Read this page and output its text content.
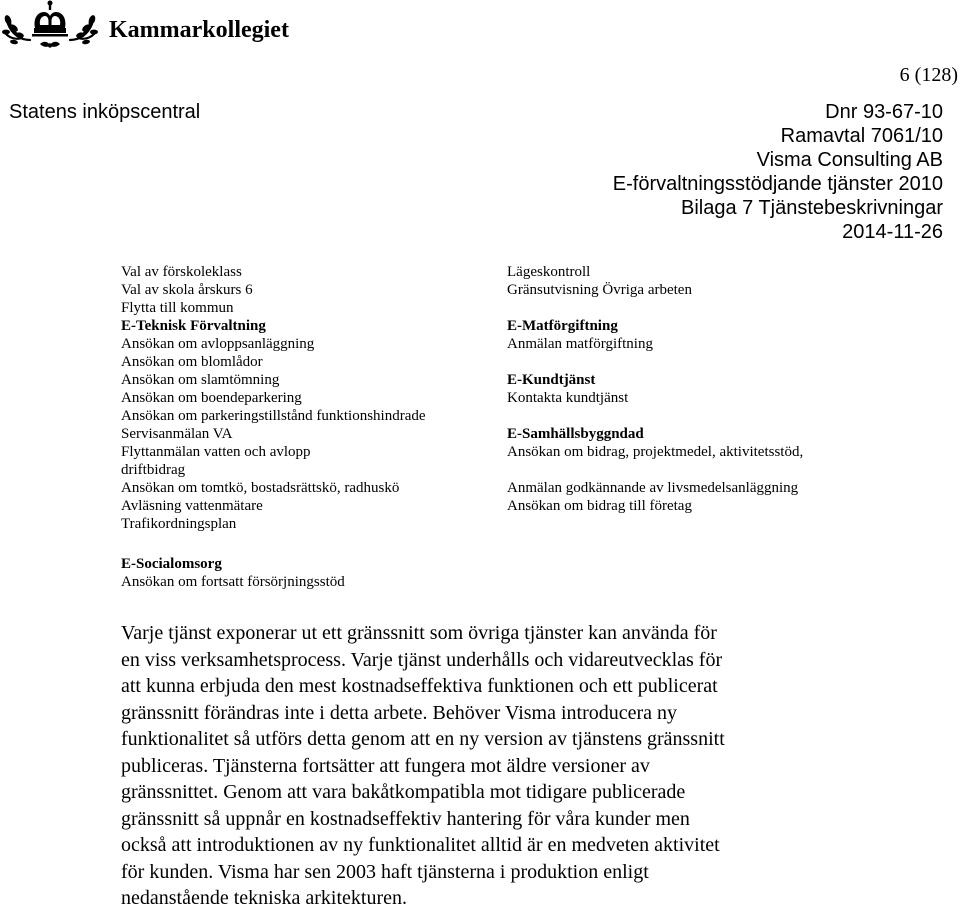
Kammarkollegiet
6 (128)
Statens inköpscentral	Dnr 93-67-10
Ramavtal 7061/10
Visma Consulting AB
E-förvaltningsstödjande tjänster 2010
Bilaga 7 Tjänstebeskrivningar
2014-11-26
Val av förskoleklass
Val av skola årskurs 6
Flytta till kommun
E-Teknisk Förvaltning
Ansökan om avloppsanläggning
Ansökan om blomlådor
Ansökan om slamtömning
Ansökan om boendeparkering
Ansökan om parkeringstillstånd funktionshindrade
Servisanmälan VA
Flyttanmälan vatten och avlopp
driftbidrag
Ansökan om tomtkö, bostadsrättskö, radhuskö
Avläsning vattenmätare
Trafikordningsplan
Lägeskontroll
Gränsutvisning Övriga arbeten
E-Matförgiftning
Anmälan matförgiftning
E-Kundtjänst
Kontakta kundtjänst
E-Samhällsbyggndad
Ansökan om bidrag, projektmedel, aktivitetsstöd,
Anmälan godkännande av livsmedelsanläggning
Ansökan om bidrag till företag
E-Socialomsorg
Ansökan om fortsatt försörjningsstöd
Varje tjänst exponerar ut ett gränssnitt som övriga tjänster kan använda för
en viss verksamhetsprocess. Varje tjänst underhålls och vidareutvecklas för
att kunna erbjuda den mest kostnadseffektiva funktionen och ett publicerat
gränssnitt förändras inte i detta arbete. Behöver Visma introducera ny
funktionalitet så utförs detta genom att en ny version av tjänstens gränssnitt
publiceras. Tjänsterna fortsätter att fungera mot äldre versioner av
gränssnittet. Genom att vara bakåtkompatibla mot tidigare publicerade
gränssnitt så uppnår en kostnadseffektiv hantering för våra kunder men
också att introduktionen av ny funktionalitet alltid är en medveten aktivitet
för kunden. Visma har sen 2003 haft tjänsterna i produktion enligt
nedanstående tekniska arkitekturen.
